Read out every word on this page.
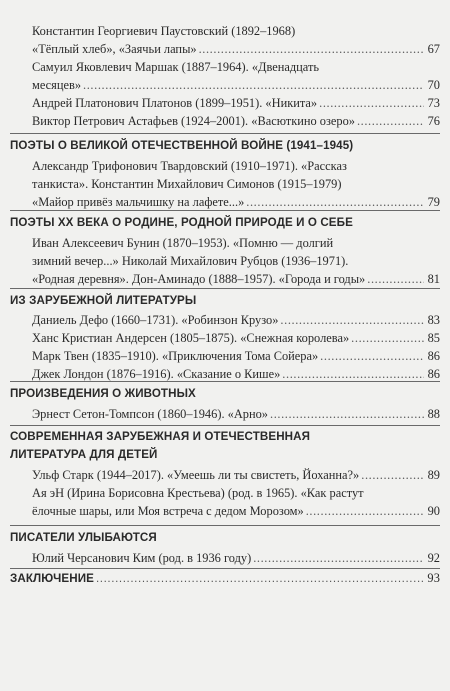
Константин Георгиевич Паустовский (1892–1968)
«Тёплый хлеб», «Заячьи лапы» .....	67
Самуил Яковлевич Маршак (1887–1964). «Двенадцать
месяцев» .....	70
Андрей Платонович Платонов (1899–1951). «Никита» .....	73
Виктор Петрович Астафьев (1924–2001). «Васюткино озеро» .....	76
ПОЭТЫ О ВЕЛИКОЙ ОТЕЧЕСТВЕННОЙ ВОЙНЕ (1941–1945)
Александр Трифонович Твардовский (1910–1971). «Рассказ
танкиста». Константин Михайлович Симонов (1915–1979)
«Майор привёз мальчишку на лафете...» .....	79
ПОЭТЫ XX ВЕКА О РОДИНЕ, РОДНОЙ ПРИРОДЕ И О СЕБЕ
Иван Алексеевич Бунин (1870–1953). «Помню — долгий
зимний вечер...» Николай Михайлович Рубцов (1936–1971).
«Родная деревня». Дон-Аминадо (1888–1957). «Города и годы» .....	81
ИЗ ЗАРУБЕЖНОЙ ЛИТЕРАТУРЫ
Даниель Дефо (1660–1731). «Робинзон Крузо» .....	83
Ханс Кристиан Андерсен (1805–1875). «Снежная королева» .....	85
Марк Твен (1835–1910). «Приключения Тома Сойера» .....	86
Джек Лондон (1876–1916). «Сказание о Кише» .....	86
ПРОИЗВЕДЕНИЯ О ЖИВОТНЫХ
Эрнест Сетон-Томпсон (1860–1946). «Арно» .....	88
СОВРЕМЕННАЯ ЗАРУБЕЖНАЯ И ОТЕЧЕСТВЕННАЯ
ЛИТЕРАТУРА ДЛЯ ДЕТЕЙ
Ульф Старк (1944–2017). «Умеешь ли ты свистеть, Йоханна?» .....	89
Ая эН (Ирина Борисовна Крестьева) (род. в 1965). «Как растут
ёлочные шары, или Моя встреча с дедом Морозом» .....	90
ПИСАТЕЛИ УЛЫБАЮТСЯ
Юлий Черсанович Ким (род. в 1936 году) .....	92
ЗАКЛЮЧЕНИЕ .....	93
